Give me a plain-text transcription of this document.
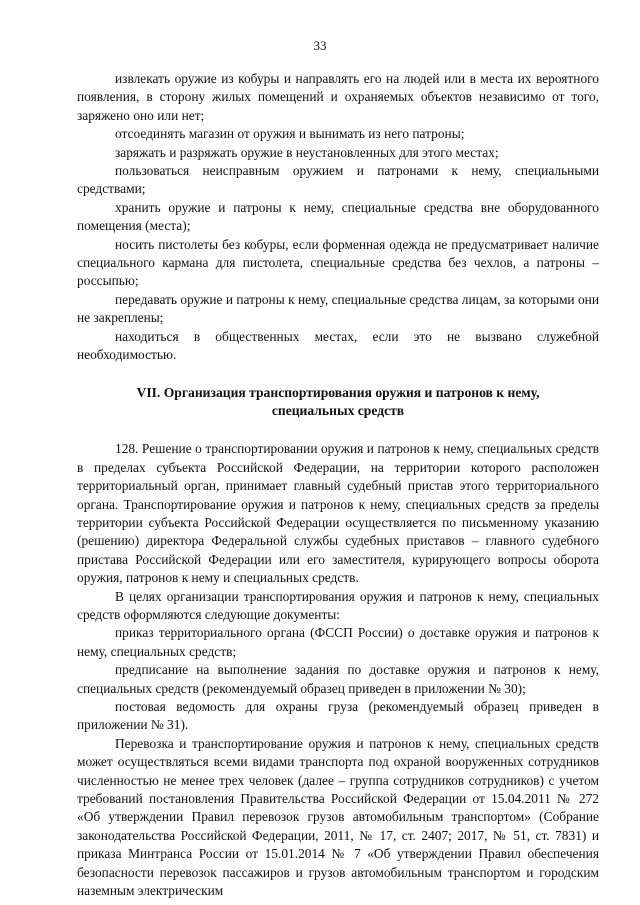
33

извлекать оружие из кобуры и направлять его на людей или в места их вероятного появления, в сторону жилых помещений и охраняемых объектов независимо от того, заряжено оно или нет;

отсоединять магазин от оружия и вынимать из него патроны;

заряжать и разряжать оружие в неустановленных для этого местах;

пользоваться неисправным оружием и патронами к нему, специальными средствами;

хранить оружие и патроны к нему, специальные средства вне оборудованного помещения (места);

носить пистолеты без кобуры, если форменная одежда не предусматривает наличие специального кармана для пистолета, специальные средства без чехлов, а патроны – россыпью;

передавать оружие и патроны к нему, специальные средства лицам, за которыми они не закреплены;

находиться в общественных местах, если это не вызвано служебной необходимостью.

VII. Организация транспортирования оружия и патронов к нему,
специальных средств

128. Решение о транспортировании оружия и патронов к нему, специальных средств в пределах субъекта Российской Федерации, на территории которого расположен территориальный орган, принимает главный судебный пристав этого территориального органа. Транспортирование оружия и патронов к нему, специальных средств за пределы территории субъекта Российской Федерации осуществляется по письменному указанию (решению) директора Федеральной службы судебных приставов – главного судебного пристава Российской Федерации или его заместителя, курирующего вопросы оборота оружия, патронов к нему и специальных средств.

В целях организации транспортирования оружия и патронов к нему, специальных средств оформляются следующие документы:

приказ территориального органа (ФССП России) о доставке оружия и патронов к нему, специальных средств;

предписание на выполнение задания по доставке оружия и патронов к нему, специальных средств (рекомендуемый образец приведен в приложении № 30);

постовая ведомость для охраны груза (рекомендуемый образец приведен в приложении № 31).

Перевозка и транспортирование оружия и патронов к нему, специальных средств может осуществляться всеми видами транспорта под охраной вооруженных сотрудников численностью не менее трех человек (далее – группа сотрудников сотрудников) с учетом требований постановления Правительства Российской Федерации от 15.04.2011 № 272 «Об утверждении Правил перевозок грузов автомобильным транспортом» (Собрание законодательства Российской Федерации, 2011, № 17, ст. 2407; 2017, № 51, ст. 7831) и приказа Минтранса России от 15.01.2014 № 7 «Об утверждении Правил обеспечения безопасности перевозок пассажиров и грузов автомобильным транспортом и городским наземным электрическим
